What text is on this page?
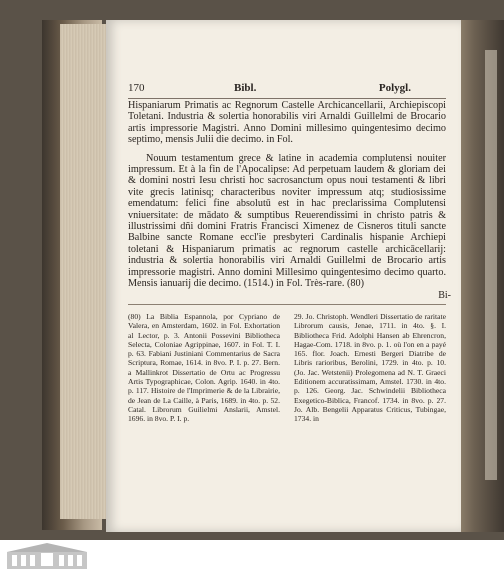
170	Bibl.	Polygl.

Hispaniarum Primatis ac Regnorum Castelle Archicancellarii, Archiepiscopi Toletani. Industria & solertia honorabilis viri Arnaldi Guillelmi de Brocario artis impressorie Magistri. Anno Domini millesimo quingentesimo decimo septimo, mensis Julii die decimo. in Fol.

Nouum testamentum grece & latine in academia complutensi nouiter impressum. Et à la fin de l'Apocalipse: Ad perpetuam laudem & gloriam dei & domini nostri Iesu christi hoc sacrosanctum opus noui testamenti & libri vite grecis latinisq; characteribus noviter impressum atq; studiosissime emendatum: felici fine absolutū est in hac preclarissima Complutensi vniuersitate: de mādato & sumptibus Reuerendissimi in christo patris & illustrissimi dñi domini Fratris Francisci Ximenez de Cisneros tituli sancte Balbine sancte Romane eccl'ie presbyteri Cardinalis hispanie Archiepi toletani & Hispaniarum primatis ac regnorum castelle archicācellarij: industria & solertia honorabilis viri Arnaldi Guillelmi de Brocario artis impressorie magistri. Anno domini Millesimo quingentesimo decimo quarto. Mensis ianuarij die decimo. (1514.) in Fol. Très-rare. (80)

Bi-
(80) La Biblia Espannola, por Cypriano de Valera, en Amsterdam, 1602. in Fol. Exhortation al Lector, p. 3. Antonii Possevini Bibliotheca Selecta, Coloniae Agrippinae, 1607. in Fol. T. I. p. 63. Fabiani Justiniani Commentarius de Sacra Scriptura, Romae, 1614. in 8vo. P. I. p. 27. Bern. a Mallinkrot Dissertatio de Ortu ac Progressu Artis Typographicae, Colon. Agrip. 1640. in 4to. p. 117. Histoire de l'Imprimerie & de la Librairie, de Jean de La Caille, à Paris, 1689. in 4to. p. 52. Catal. Librorum Guilielmi Anslarii, Amstel. 1696. in 8vo. P. I. p.
29. Jo. Christoph. Wendleri Dissertatio de raritate Librorum causis, Jenae, 1711. in 4to. §. I. Bibliotheca Frid. Adolphi Hansen ab Ehrencron, Hagae-Com. 1718. in 8vo. p. 1. où l'on en a payé 165. flor. Joach. Ernesti Bergeri Diatribe de Libris rarioribus, Berolini, 1729. in 4to. p. 10. (Jo. Jac. Wetstenii) Prolegomena ad N. T. Graeci Editionem accuratissimam, Amstel. 1730. in 4to. p. 126. Georg. Jac. Schwindelii Bibliotheca Exegetico-Biblica, Francof. 1734. in 8vo. p. 27. Jo. Alb. Bengelii Apparatus Criticus, Tubingae, 1734. in
